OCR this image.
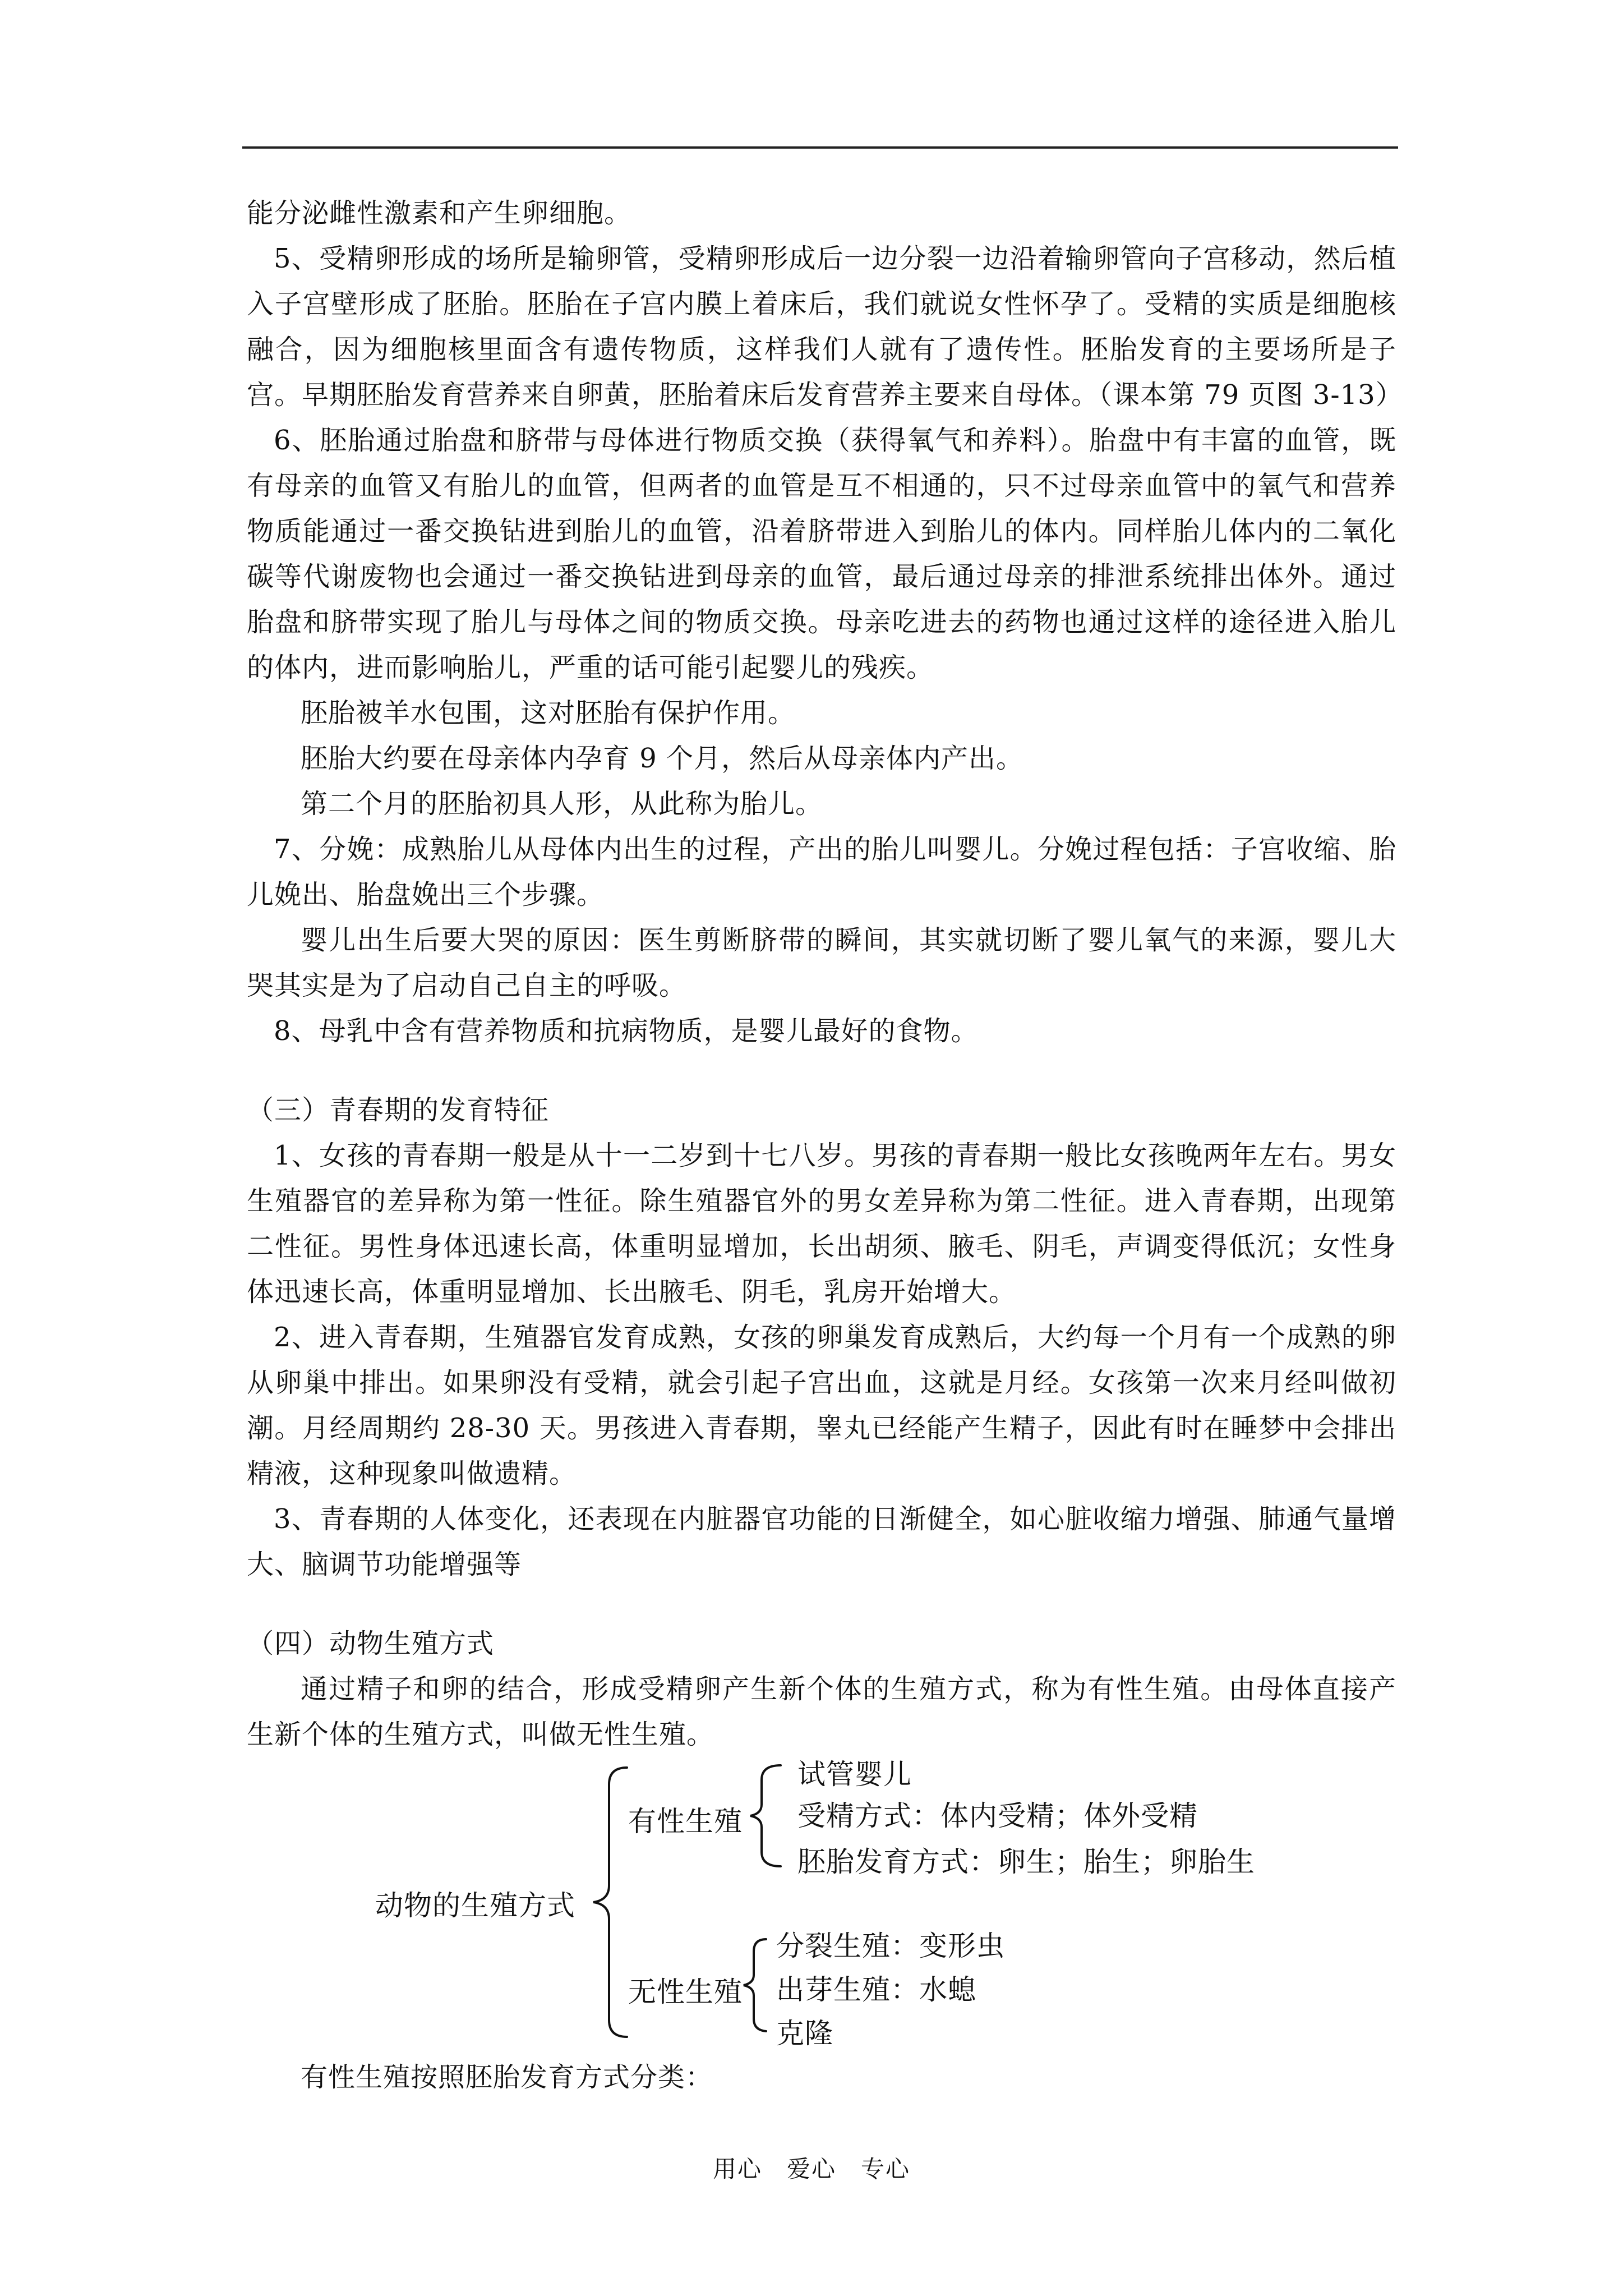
能分泌雌性激素和产生卵细胞。

5、受精卵形成的场所是输卵管，受精卵形成后一边分裂一边沿着输卵管向子宫移动，然后植入子宫壁形成了胚胎。胚胎在子宫内膜上着床后，我们就说女性怀孕了。受精的实质是细胞核融合，因为细胞核里面含有遗传物质，这样我们人就有了遗传性。胚胎发育的主要场所是子宫。早期胚胎发育营养来自卵黄，胚胎着床后发育营养主要来自母体。（课本第 79 页图 3-13）

6、胚胎通过胎盘和脐带与母体进行物质交换（获得氧气和养料）。胎盘中有丰富的血管，既有母亲的血管又有胎儿的血管，但两者的血管是互不相通的，只不过母亲血管中的氧气和营养物质能通过一番交换钻进到胎儿的血管，沿着脐带进入到胎儿的体内。同样胎儿体内的二氧化碳等代谢废物也会通过一番交换钻进到母亲的血管，最后通过母亲的排泄系统排出体外。通过胎盘和脐带实现了胎儿与母体之间的物质交换。母亲吃进去的药物也通过这样的途径进入胎儿的体内，进而影响胎儿，严重的话可能引起婴儿的残疾。

胚胎被羊水包围，这对胚胎有保护作用。

胚胎大约要在母亲体内孕育 9 个月，然后从母亲体内产出。

第二个月的胚胎初具人形，从此称为胎儿。

7、分娩：成熟胎儿从母体内出生的过程，产出的胎儿叫婴儿。分娩过程包括：子宫收缩、胎儿娩出、胎盘娩出三个步骤。

婴儿出生后要大哭的原因：医生剪断脐带的瞬间，其实就切断了婴儿氧气的来源，婴儿大哭其实是为了启动自己自主的呼吸。

8、母乳中含有营养物质和抗病物质，是婴儿最好的食物。

（三）青春期的发育特征

1、女孩的青春期一般是从十一二岁到十七八岁。男孩的青春期一般比女孩晚两年左右。男女生殖器官的差异称为第一性征。除生殖器官外的男女差异称为第二性征。进入青春期，出现第二性征。男性身体迅速长高，体重明显增加，长出胡须、腋毛、阴毛，声调变得低沉；女性身体迅速长高，体重明显增加、长出腋毛、阴毛，乳房开始增大。

2、进入青春期，生殖器官发育成熟，女孩的卵巢发育成熟后，大约每一个月有一个成熟的卵从卵巢中排出。如果卵没有受精，就会引起子宫出血，这就是月经。女孩第一次来月经叫做初潮。月经周期约 28-30 天。男孩进入青春期，睾丸已经能产生精子，因此有时在睡梦中会排出精液，这种现象叫做遗精。

3、青春期的人体变化，还表现在内脏器官功能的日渐健全，如心脏收缩力增强、肺通气量增大、脑调节功能增强等

（四）动物生殖方式

通过精子和卵的结合，形成受精卵产生新个体的生殖方式，称为有性生殖。由母体直接产生新个体的生殖方式，叫做无性生殖。

动物的生殖方式
有性生殖
试管婴儿
受精方式：体内受精；体外受精
胚胎发育方式：卵生；胎生；卵胎生
无性生殖
分裂生殖：变形虫
出芽生殖：水螅
克隆

有性生殖按照胚胎发育方式分类：

用心　爱心　专心
